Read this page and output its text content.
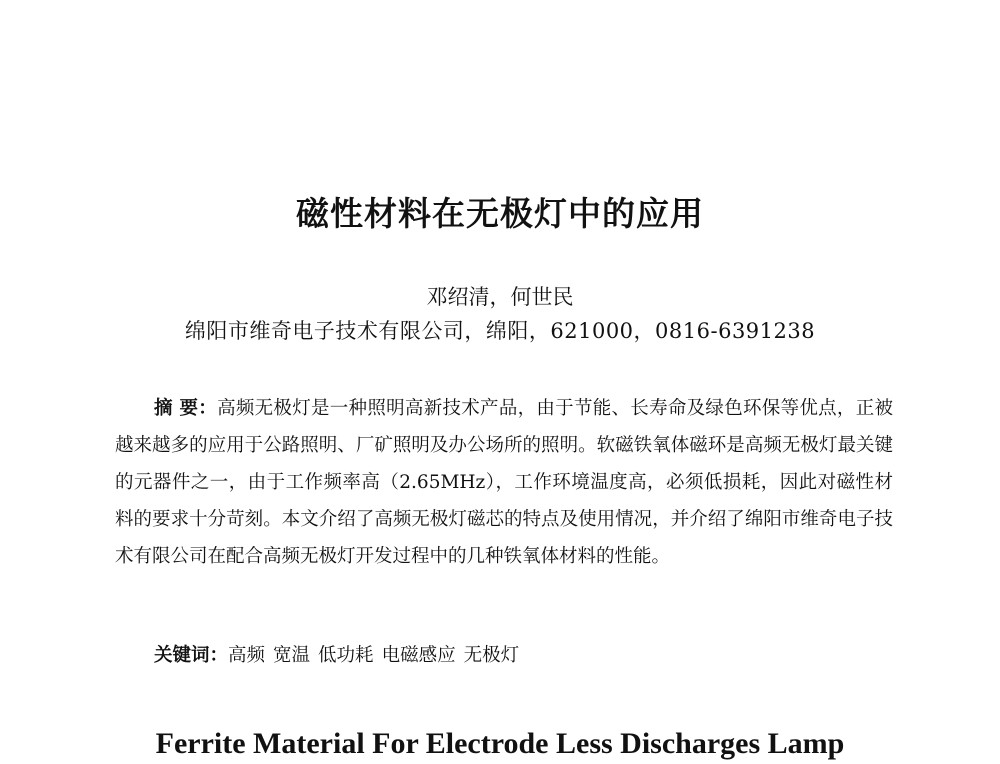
磁性材料在无极灯中的应用
邓绍清，何世民
绵阳市维奇电子技术有限公司，绵阳，621000，0816-6391238
摘 要：高频无极灯是一种照明高新技术产品，由于节能、长寿命及绿色环保等优点，正被越来越多的应用于公路照明、厂矿照明及办公场所的照明。软磁铁氧体磁环是高频无极灯最关键的元器件之一，由于工作频率高（2.65MHz），工作环境温度高，必须低损耗，因此对磁性材料的要求十分苛刻。本文介绍了高频无极灯磁芯的特点及使用情况，并介绍了绵阳市维奇电子技术有限公司在配合高频无极灯开发过程中的几种铁氧体材料的性能。
关键词：高频 宽温 低功耗 电磁感应 无极灯
Ferrite Material For Electrode Less Discharges Lamp
